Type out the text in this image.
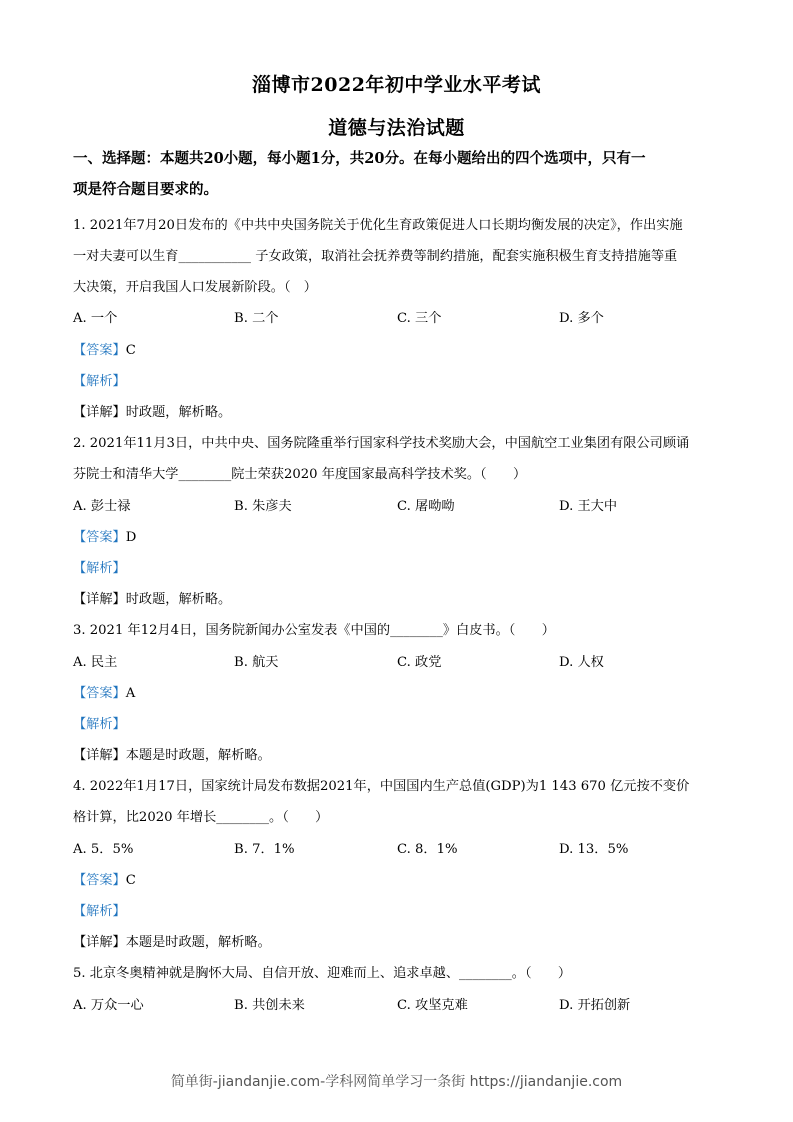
淄博市2022年初中学业水平考试
道德与法治试题
一、选择题：本题共20小题，每小题1分，共20分。在每小题给出的四个选项中，只有一
项是符合题目要求的。
1. 2021年7月20日发布的《中共中央国务院关于优化生育政策促进人口长期均衡发展的决定》，作出实施
一对夫妻可以生育___________ 子女政策，取消社会抚养费等制约措施，配套实施积极生育支持措施等重
大决策，开启我国人口发展新阶段。（　）
A. 一个	B. 二个	C. 三个	D. 多个
【答案】C
【解析】
【详解】时政题，解析略。
2. 2021年11月3日，中共中央、国务院隆重举行国家科学技术奖励大会，中国航空工业集团有限公司顾诵
芬院士和清华大学________院士荣获2020 年度国家最高科学技术奖。（　　）
A. 彭士禄	B. 朱彦夫	C. 屠呦呦	D. 王大中
【答案】D
【解析】
【详解】时政题，解析略。
3. 2021 年12月4日，国务院新闻办公室发表《中国的________》白皮书。（　　）
A. 民主	B. 航天	C. 政党	D. 人权
【答案】A
【解析】
【详解】本题是时政题，解析略。
4. 2022年1月17日，国家统计局发布数据2021年，中国国内生产总值(GDP)为1 143 670 亿元按不变价
格计算，比2020 年增长________。（　　）
A. 5．5%	B. 7．1%	C. 8．1%	D. 13．5%
【答案】C
【解析】
【详解】本题是时政题，解析略。
5. 北京冬奥精神就是胸怀大局、自信开放、迎难而上、追求卓越、________。（　　）
A. 万众一心	B. 共创未来	C. 攻坚克难	D. 开拓创新
简单街-jiandanjie.com-学科网简单学习一条街 https://jiandanjie.com
